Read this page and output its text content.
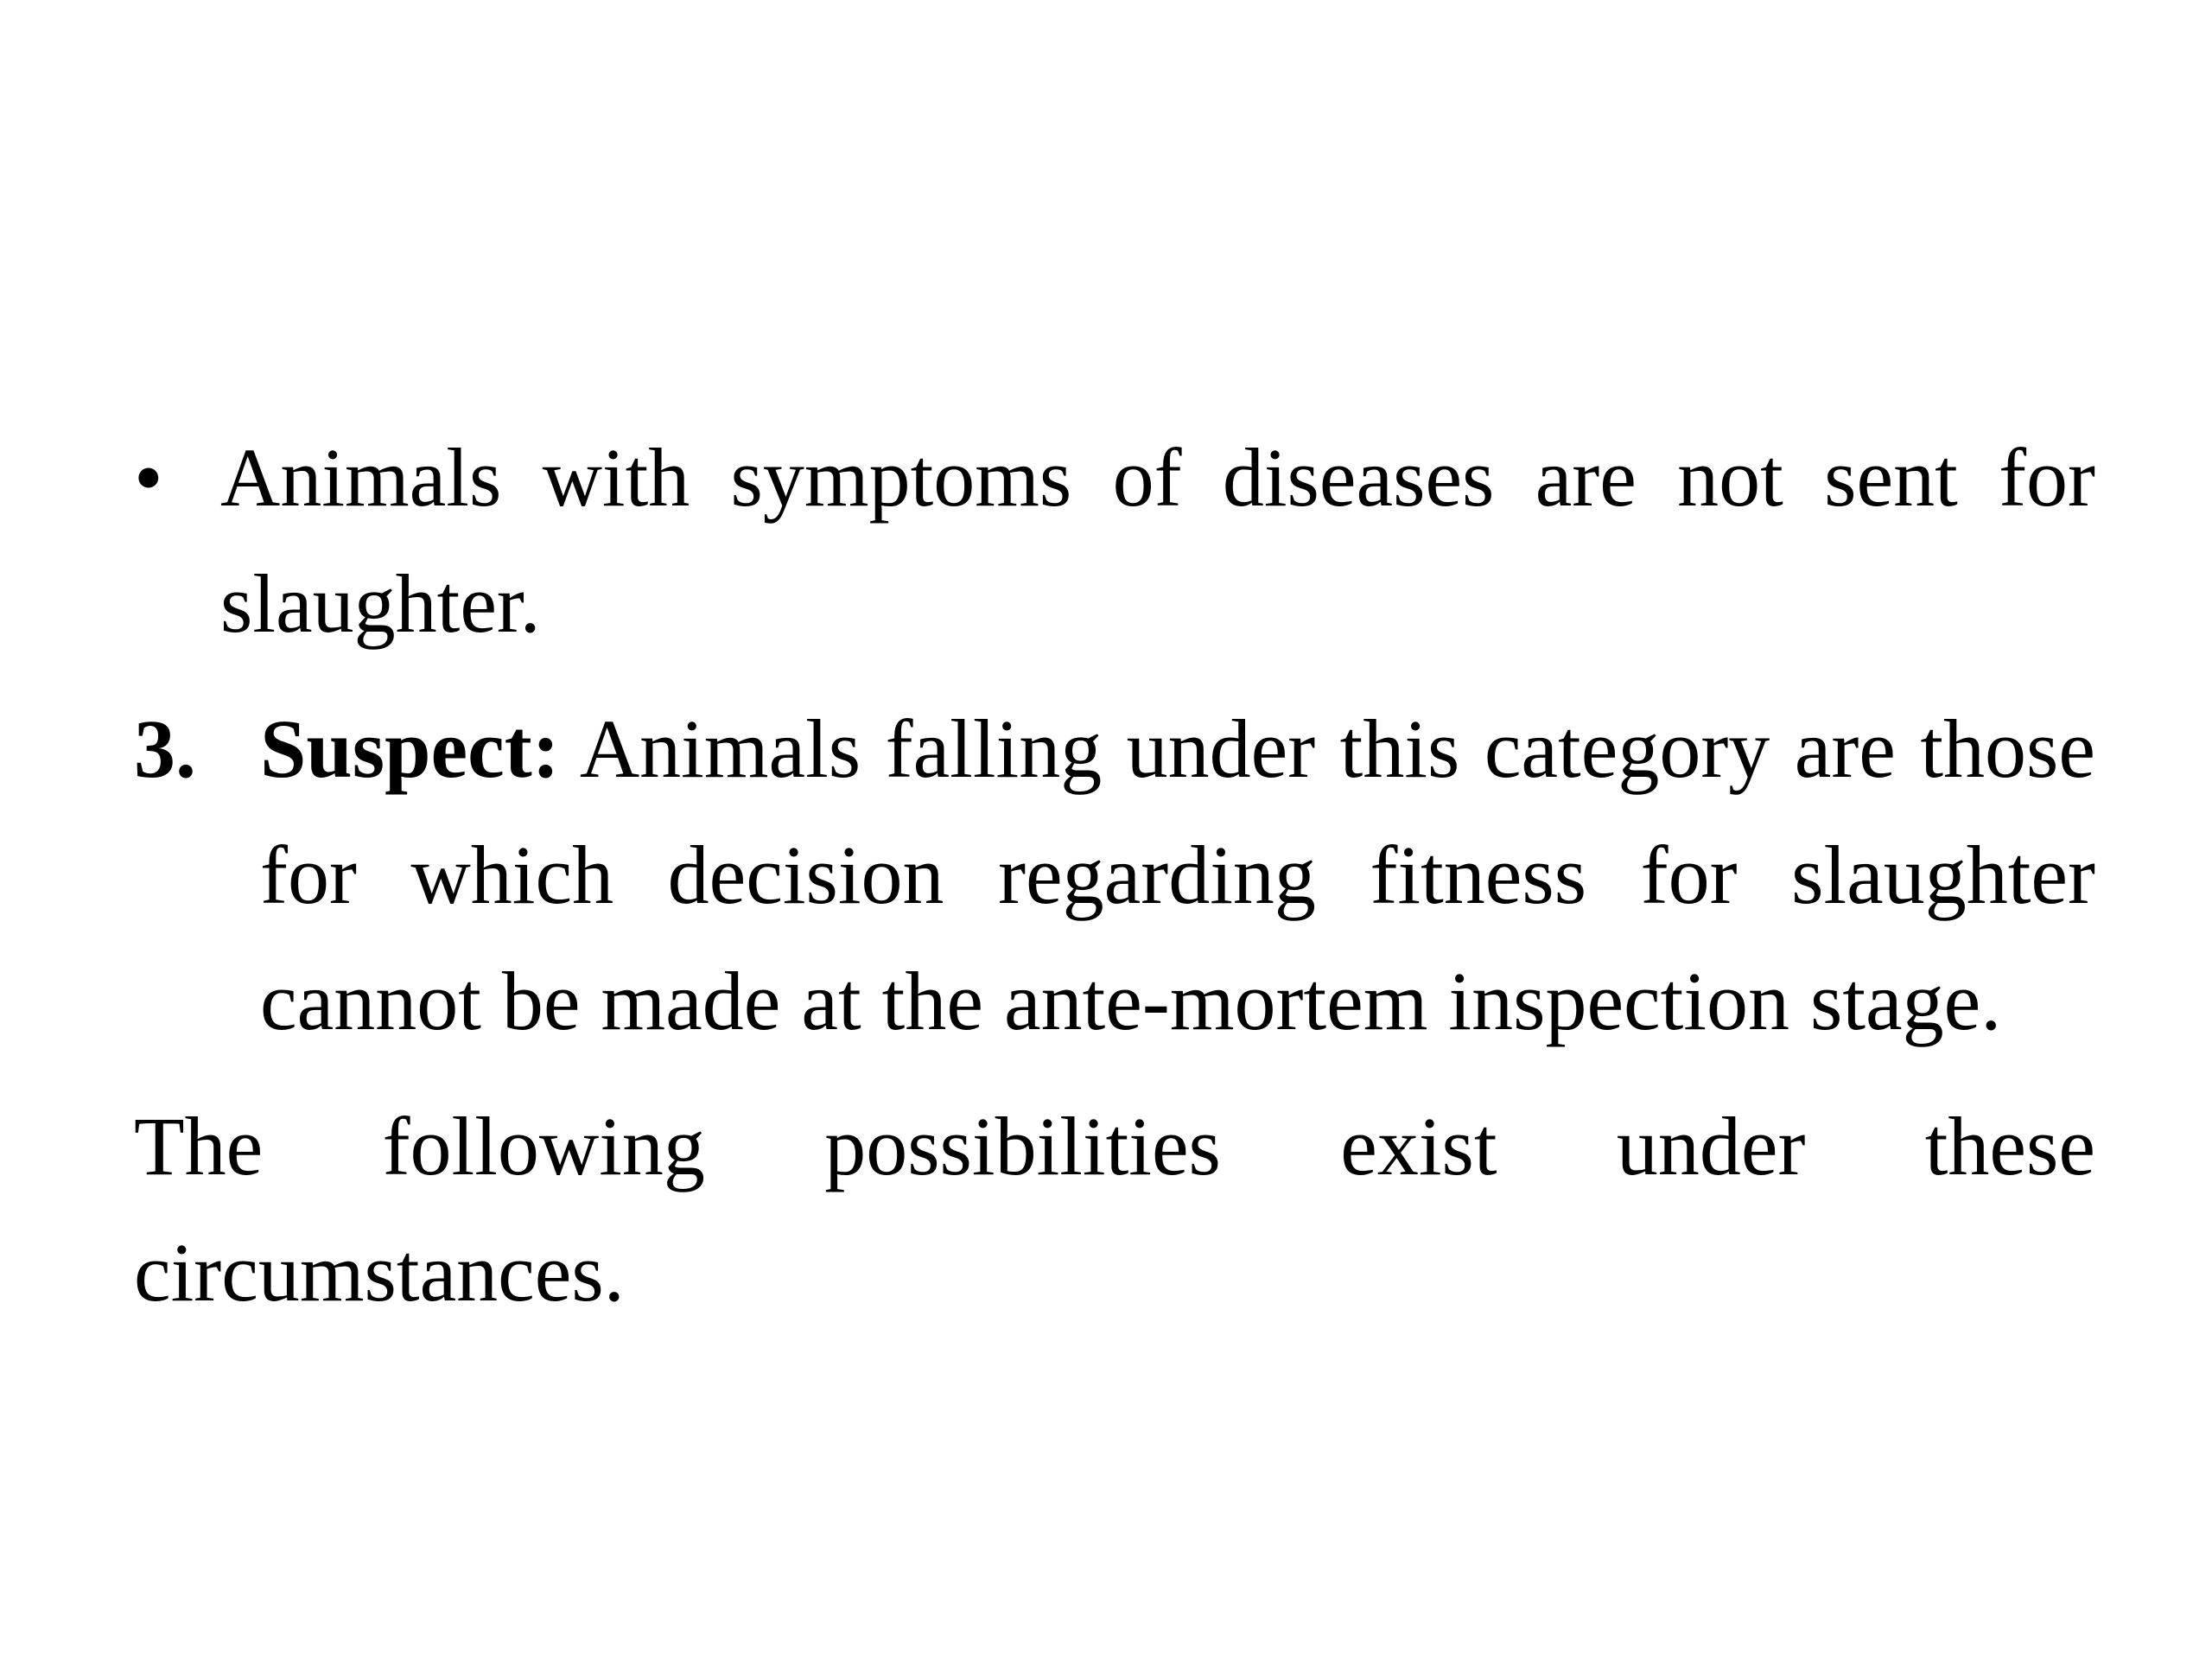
• Animals with symptoms of diseases are not sent for slaughter.

3. Suspect: Animals falling under this category are those for which decision regarding fitness for slaughter cannot be made at the ante-mortem inspection stage.

The following possibilities exist under these circumstances.
